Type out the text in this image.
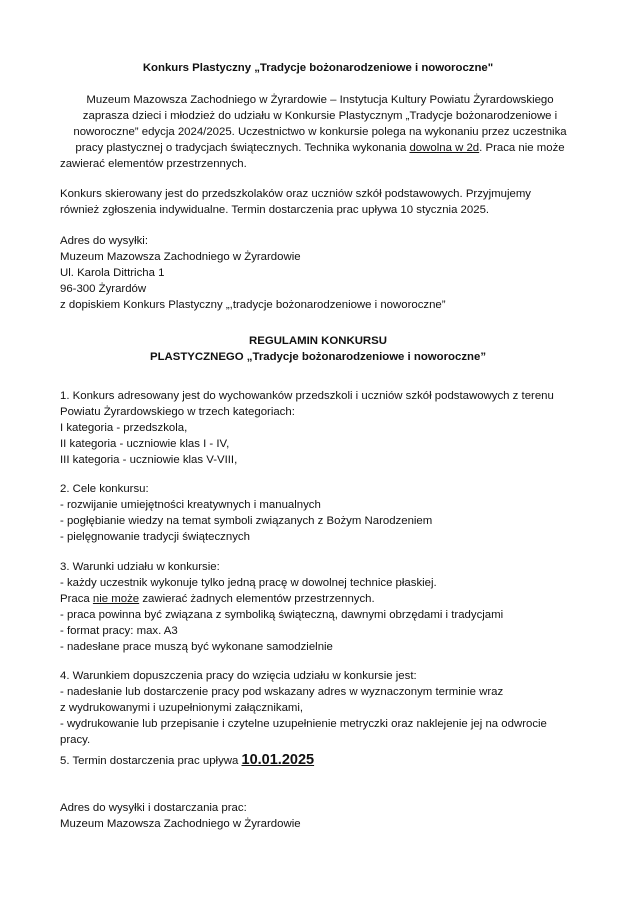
Konkurs Plastyczny „Tradycje bożonarodzeniowe i noworoczne"
Muzeum Mazowsza Zachodniego w Żyrardowie – Instytucja Kultury Powiatu Żyrardowskiego
zaprasza dzieci i młodzież do udziału w Konkursie Plastycznym „Tradycje bożonarodzeniowe i
noworoczne” edycja 2024/2025. Uczestnictwo w konkursie polega na wykonaniu przez uczestnika
pracy plastycznej o tradycjach świątecznych. Technika wykonania dowolna w 2d. Praca nie może
zawierać elementów przestrzennych.
Konkurs skierowany jest do przedszkolaków oraz uczniów szkół podstawowych. Przyjmujemy
również zgłoszenia indywidualne. Termin dostarczenia prac upływa 10 stycznia 2025.
Adres do wysyłki:
Muzeum Mazowsza Zachodniego w Żyrardowie
Ul. Karola Dittricha 1
96-300 Żyrardów
z dopiskiem Konkurs Plastyczny „,tradycje bożonarodzeniowe i noworoczne”
REGULAMIN KONKURSU
PLASTYCZNEGO „Tradycje bożonarodzeniowe i noworoczne”
1. Konkurs adresowany jest do wychowanków przedszkoli i uczniów szkół podstawowych z terenu
Powiatu Żyrardowskiego w trzech kategoriach:
I kategoria - przedszkola,
II kategoria - uczniowie klas I - IV,
III kategoria - uczniowie klas V-VIII,
2. Cele konkursu:
- rozwijanie umiejętności kreatywnych i manualnych
- pogłębianie wiedzy na temat symboli związanych z Bożym Narodzeniem
- pielęgnowanie tradycji świątecznych
3. Warunki udziału w konkursie:
- każdy uczestnik wykonuje tylko jedną pracę w dowolnej technice płaskiej.
Praca nie może zawierać żadnych elementów przestrzennych.
- praca powinna być związana z symboliką świąteczną, dawnymi obrzędami i tradycjami
- format pracy: max. A3
- nadesłane prace muszą być wykonane samodzielnie
4. Warunkiem dopuszczenia pracy do wzięcia udziału w konkursie jest:
- nadesłanie lub dostarczenie pracy pod wskazany adres w wyznaczonym terminie wraz
z wydrukowanymi i uzupełnionymi załącznikami,
- wydrukowanie lub przepisanie i czytelne uzupełnienie metryczki oraz naklejenie jej na odwrocie
pracy.
5. Termin dostarczenia prac upływa 10.01.2025
Adres do wysyłki i dostarczania prac:
Muzeum Mazowsza Zachodniego w Żyrardowie
